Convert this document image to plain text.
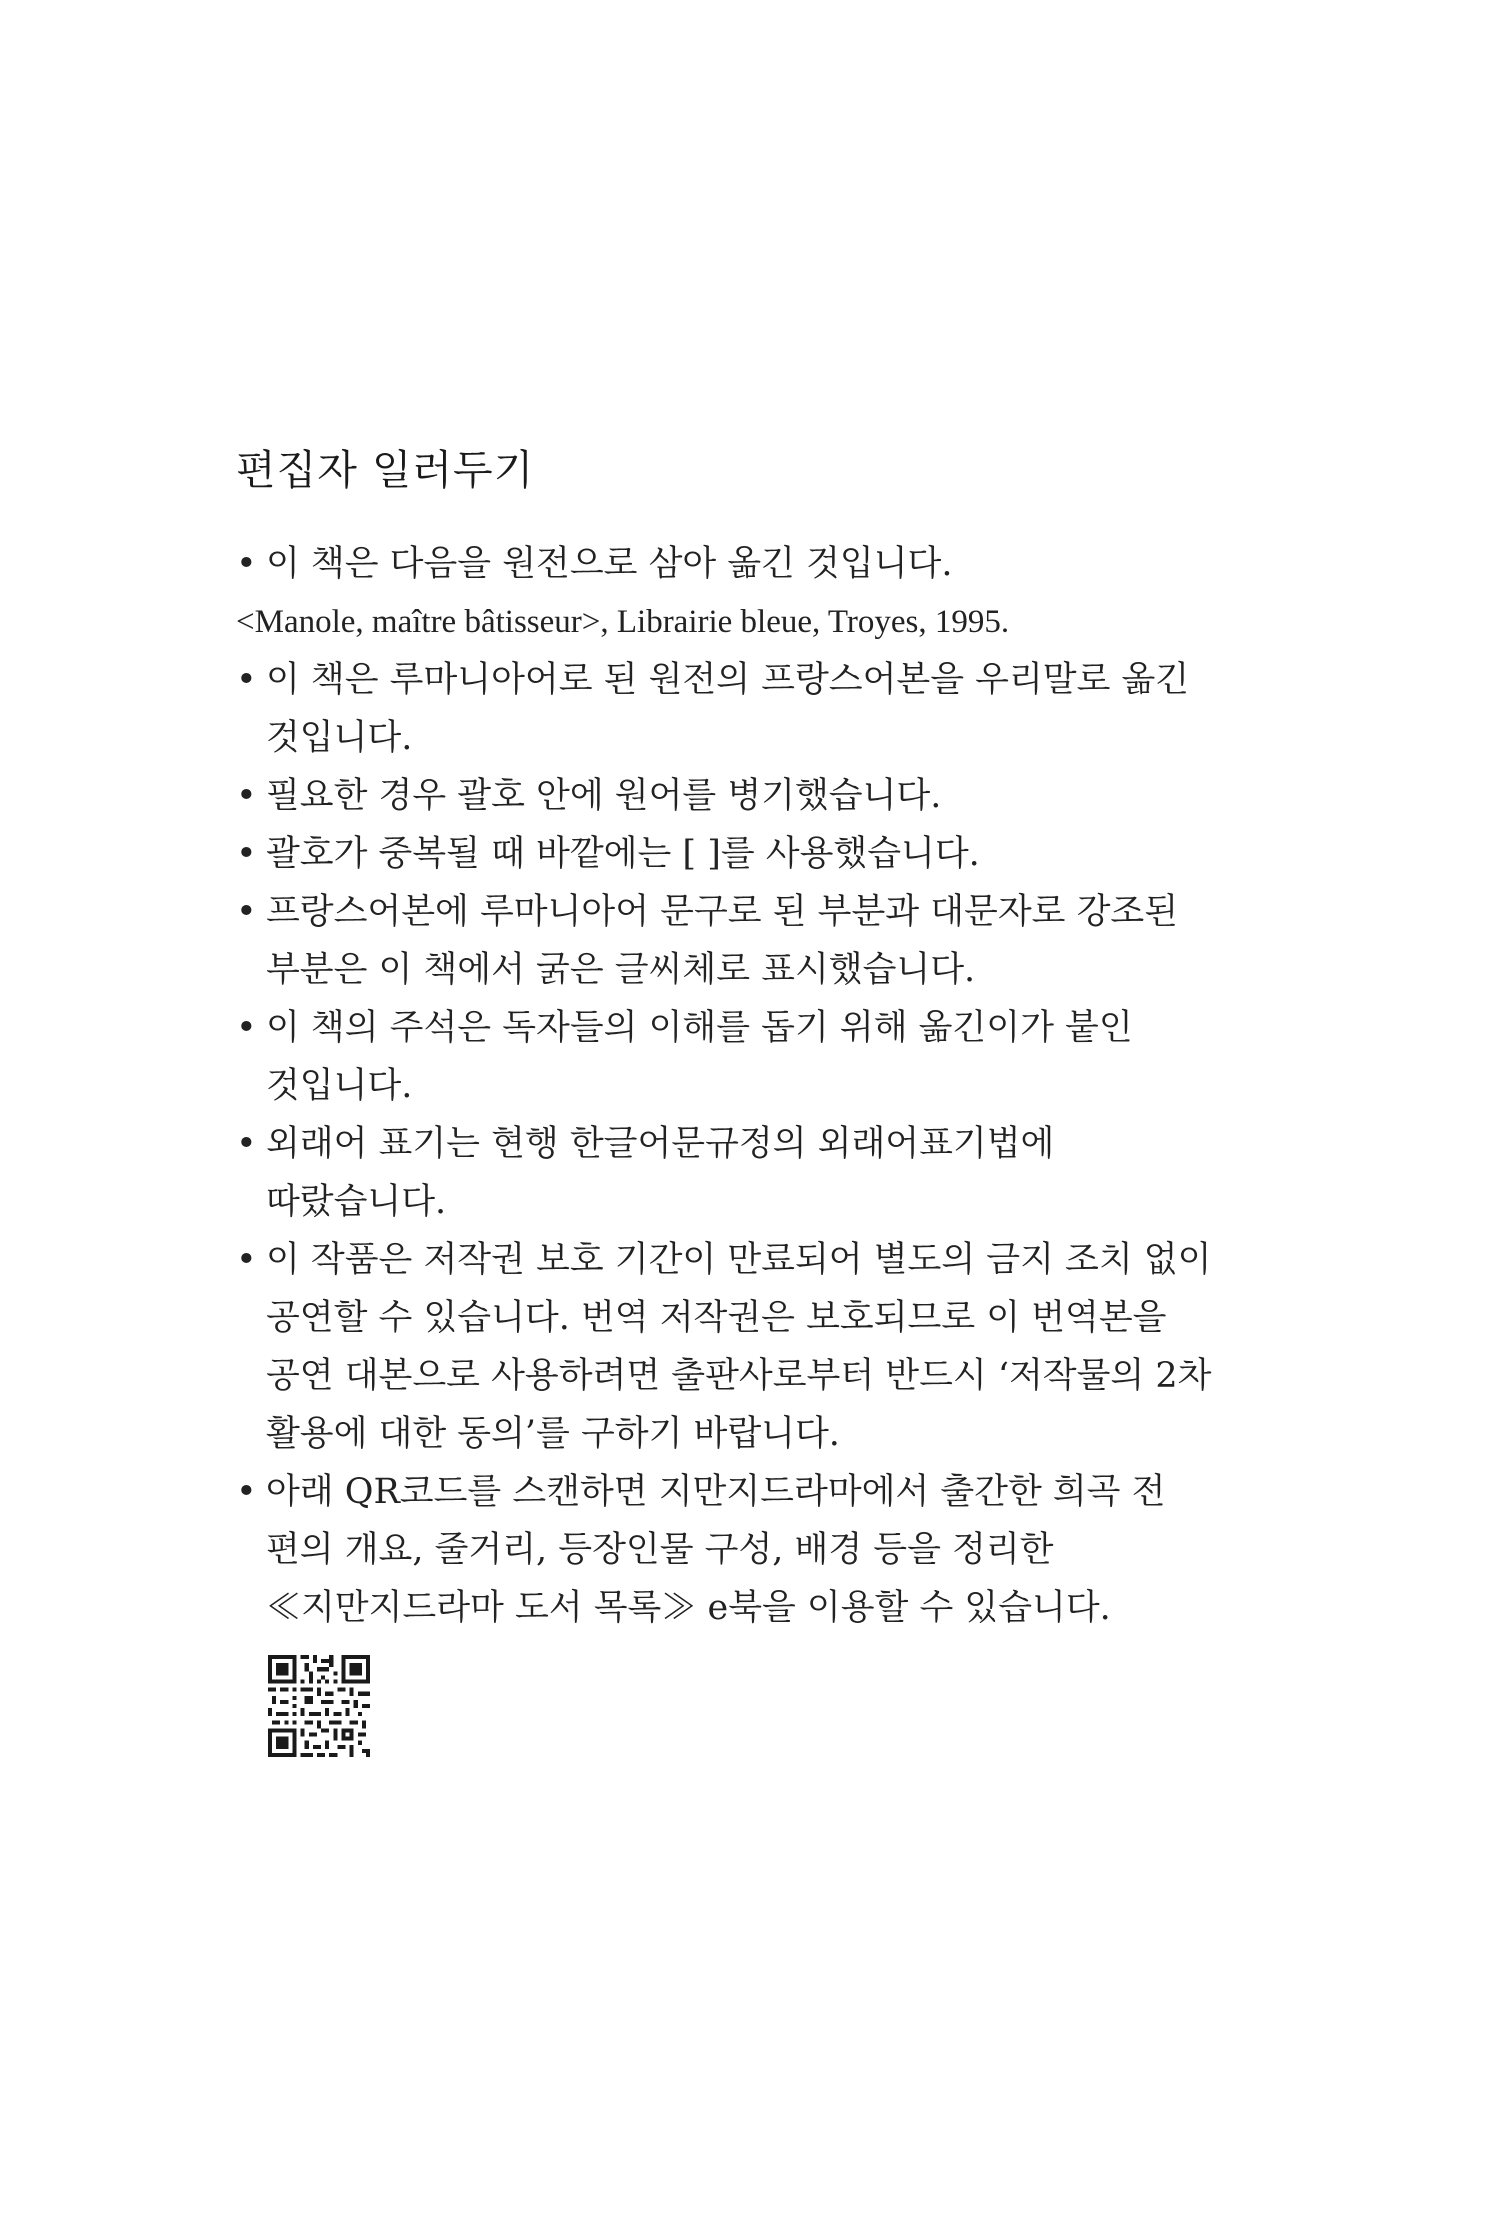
편집자 일러두기
• 이 책은 다음을 원전으로 삼아 옮긴 것입니다.
<Manole, maître bâtisseur>, Librairie bleue, Troyes, 1995.
• 이 책은 루마니아어로 된 원전의 프랑스어본을 우리말로 옮긴
것입니다.
• 필요한 경우 괄호 안에 원어를 병기했습니다.
• 괄호가 중복될 때 바깥에는 [ ]를 사용했습니다.
• 프랑스어본에 루마니아어 문구로 된 부분과 대문자로 강조된
부분은 이 책에서 굵은 글씨체로 표시했습니다.
• 이 책의 주석은 독자들의 이해를 돕기 위해 옮긴이가 붙인
것입니다.
• 외래어 표기는 현행 한글어문규정의 외래어표기법에
따랐습니다.
• 이 작품은 저작권 보호 기간이 만료되어 별도의 금지 조치 없이
공연할 수 있습니다. 번역 저작권은 보호되므로 이 번역본을
공연 대본으로 사용하려면 출판사로부터 반드시 ‘저작물의 2차
활용에 대한 동의’를 구하기 바랍니다.
• 아래 QR코드를 스캔하면 지만지드라마에서 출간한 희곡 전
편의 개요, 줄거리, 등장인물 구성, 배경 등을 정리한
≪지만지드라마 도서 목록≫ e북을 이용할 수 있습니다.
